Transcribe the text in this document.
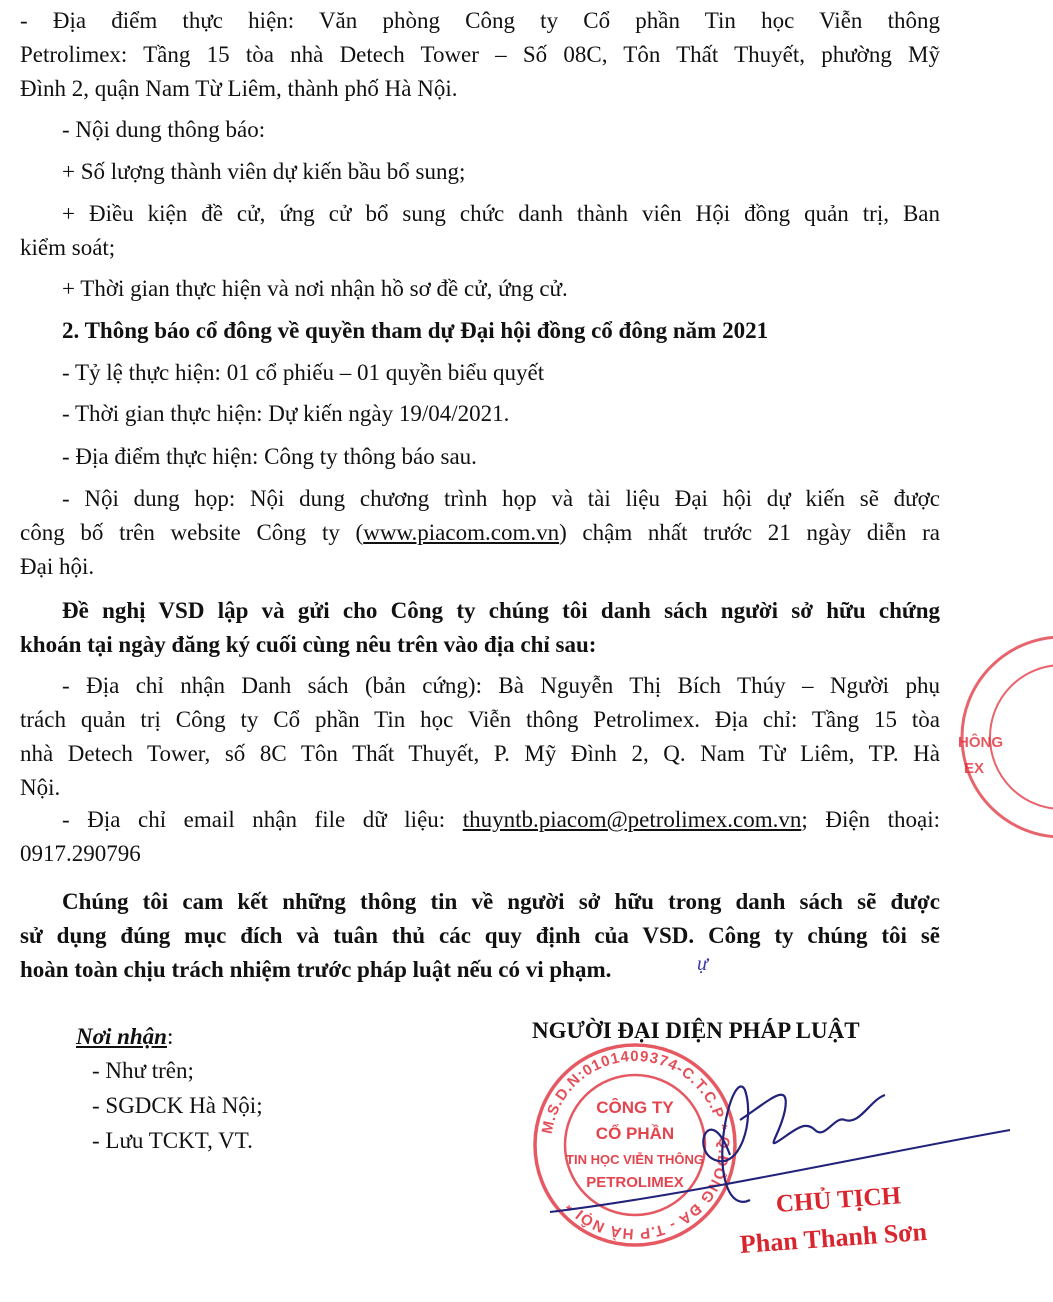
- Địa điểm thực hiện: Văn phòng Công ty Cổ phần Tin học Viễn thông
Petrolimex: Tầng 15 tòa nhà Detech Tower – Số 08C, Tôn Thất Thuyết, phường Mỹ
Đình 2, quận Nam Từ Liêm, thành phố Hà Nội.
- Nội dung thông báo:
+ Số lượng thành viên dự kiến bầu bổ sung;
+ Điều kiện đề cử, ứng cử bổ sung chức danh thành viên Hội đồng quản trị, Ban
kiểm soát;
+ Thời gian thực hiện và nơi nhận hồ sơ đề cử, ứng cử.
2. Thông báo cổ đông về quyền tham dự Đại hội đồng cổ đông năm 2021
- Tỷ lệ thực hiện: 01 cổ phiếu – 01 quyền biểu quyết
- Thời gian thực hiện: Dự kiến ngày 19/04/2021.
- Địa điểm thực hiện: Công ty thông báo sau.
- Nội dung họp: Nội dung chương trình họp và tài liệu Đại hội dự kiến sẽ được
công bố trên website Công ty (www.piacom.com.vn) chậm nhất trước 21 ngày diễn ra
Đại hội.
Đề nghị VSD lập và gửi cho Công ty chúng tôi danh sách người sở hữu chứng
khoán tại ngày đăng ký cuối cùng nêu trên vào địa chỉ sau:
- Địa chỉ nhận Danh sách (bản cứng): Bà Nguyễn Thị Bích Thúy – Người phụ
trách quản trị Công ty Cổ phần Tin học Viễn thông Petrolimex. Địa chỉ: Tầng 15 tòa
nhà Detech Tower, số 8C Tôn Thất Thuyết, P. Mỹ Đình 2, Q. Nam Từ Liêm, TP. Hà
Nội.
- Địa chỉ email nhận file dữ liệu: thuyntb.piacom@petrolimex.com.vn; Điện thoại:
0917.290796
Chúng tôi cam kết những thông tin về người sở hữu trong danh sách sẽ được
sử dụng đúng mục đích và tuân thủ các quy định của VSD. Công ty chúng tôi sẽ
hoàn toàn chịu trách nhiệm trước pháp luật nếu có vi phạm.	ự
Nơi nhận:
- Như trên;
- SGDCK Hà Nội;
- Lưu TCKT, VT.
NGƯỜI ĐẠI DIỆN PHÁP LUẬT
HÔNG
EX
M.S.D.N:0101409374-C.T.C.P * Q.ĐỐNG ĐA - T.P HÀ NỘI *
CÔNG TY
CỔ PHẦN
TIN HỌC VIỄN THÔNG
PETROLIMEX	CHỦ TỊCH
Phan Thanh Sơn
